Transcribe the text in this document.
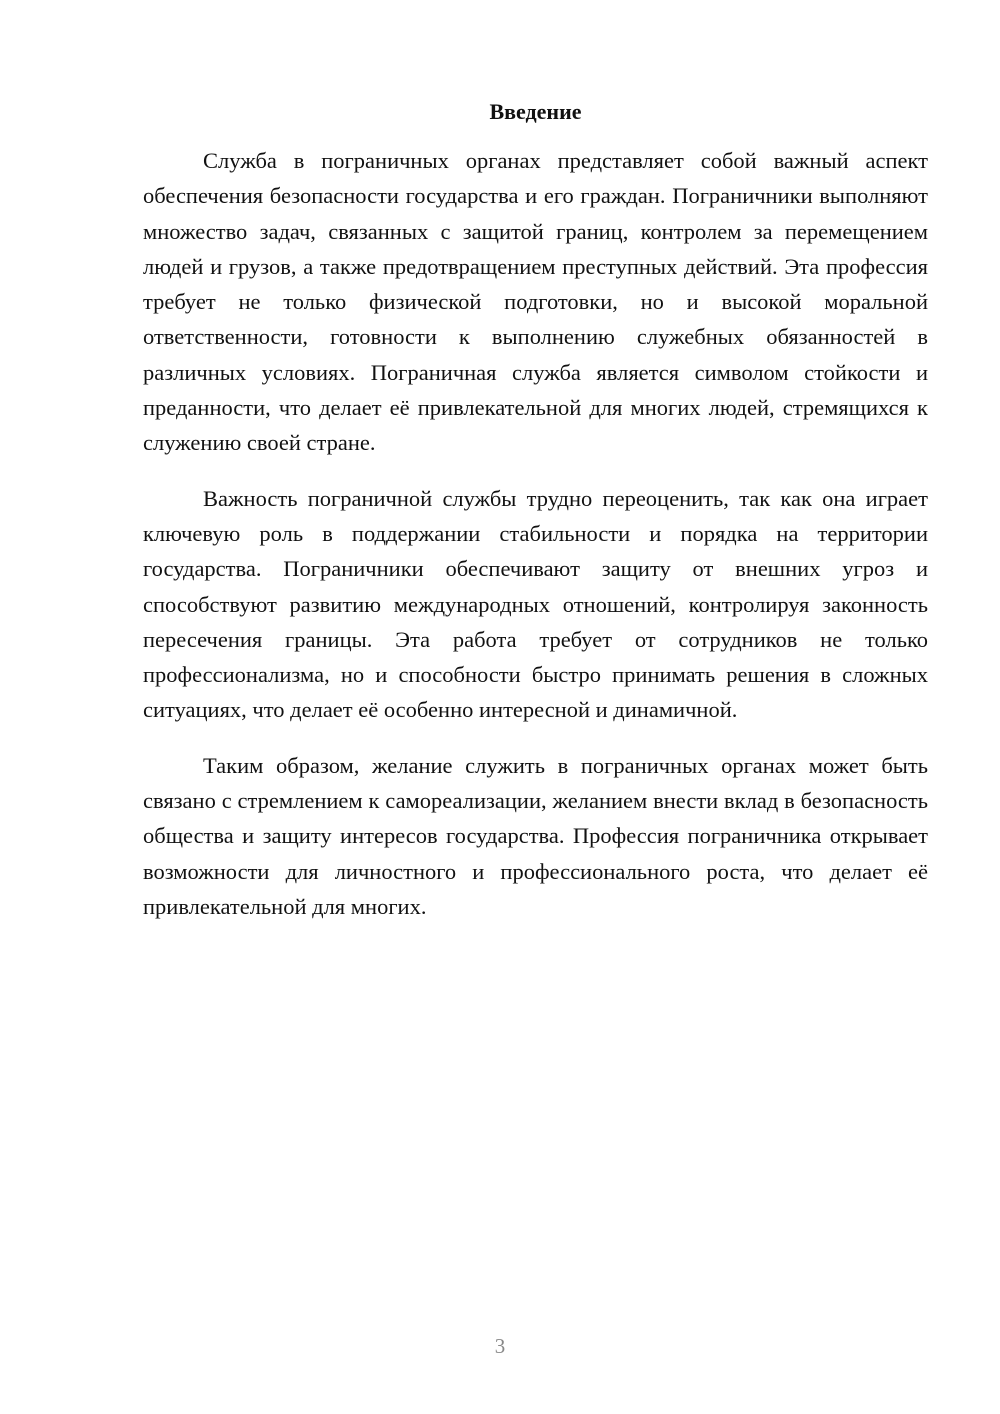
Введение

Служба в пограничных органах представляет собой важный аспект обеспечения безопасности государства и его граждан. Пограничники выполняют множество задач, связанных с защитой границ, контролем за перемещением людей и грузов, а также предотвращением преступных действий. Эта профессия требует не только физической подготовки, но и высокой моральной ответственности, готовности к выполнению служебных обязанностей в различных условиях. Пограничная служба является символом стойкости и преданности, что делает её привлекательной для многих людей, стремящихся к служению своей стране.

Важность пограничной службы трудно переоценить, так как она играет ключевую роль в поддержании стабильности и порядка на территории государства. Пограничники обеспечивают защиту от внешних угроз и способствуют развитию международных отношений, контролируя законность пересечения границы. Эта работа требует от сотрудников не только профессионализма, но и способности быстро принимать решения в сложных ситуациях, что делает её особенно интересной и динамичной.

Таким образом, желание служить в пограничных органах может быть связано с стремлением к самореализации, желанием внести вклад в безопасность общества и защиту интересов государства. Профессия пограничника открывает возможности для личностного и профессионального роста, что делает её привлекательной для многих.

3
